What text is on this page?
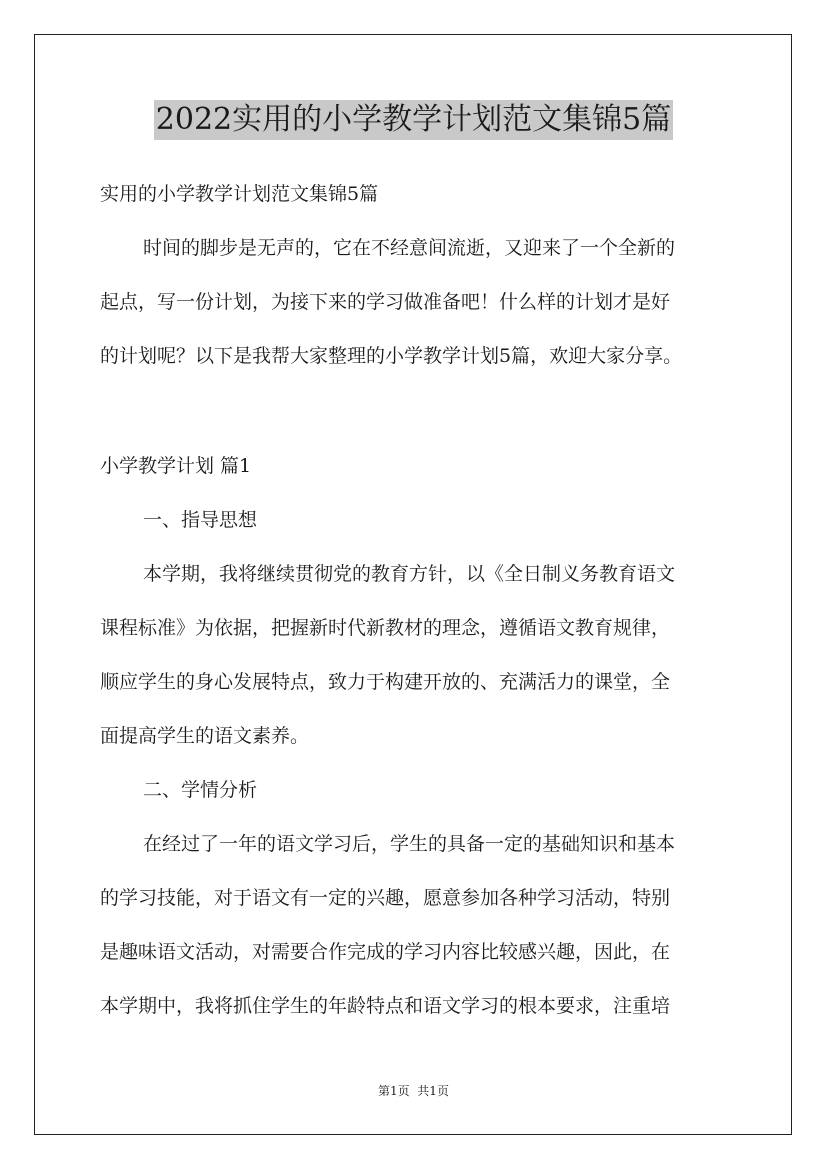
2022实用的小学教学计划范文集锦5篇
实用的小学教学计划范文集锦5篇
时间的脚步是无声的，它在不经意间流逝，又迎来了一个全新的
起点，写一份计划，为接下来的学习做准备吧！什么样的计划才是好
的计划呢？以下是我帮大家整理的小学教学计划5篇，欢迎大家分享。
小学教学计划 篇1
一、指导思想
本学期，我将继续贯彻党的教育方针，以《全日制义务教育语文
课程标准》为依据，把握新时代新教材的理念，遵循语文教育规律，
顺应学生的身心发展特点，致力于构建开放的、充满活力的课堂，全
面提高学生的语文素养。
二、学情分析
在经过了一年的语文学习后，学生的具备一定的基础知识和基本
的学习技能，对于语文有一定的兴趣，愿意参加各种学习活动，特别
是趣味语文活动，对需要合作完成的学习内容比较感兴趣，因此，在
本学期中，我将抓住学生的年龄特点和语文学习的根本要求，注重培
第1页  共1页
